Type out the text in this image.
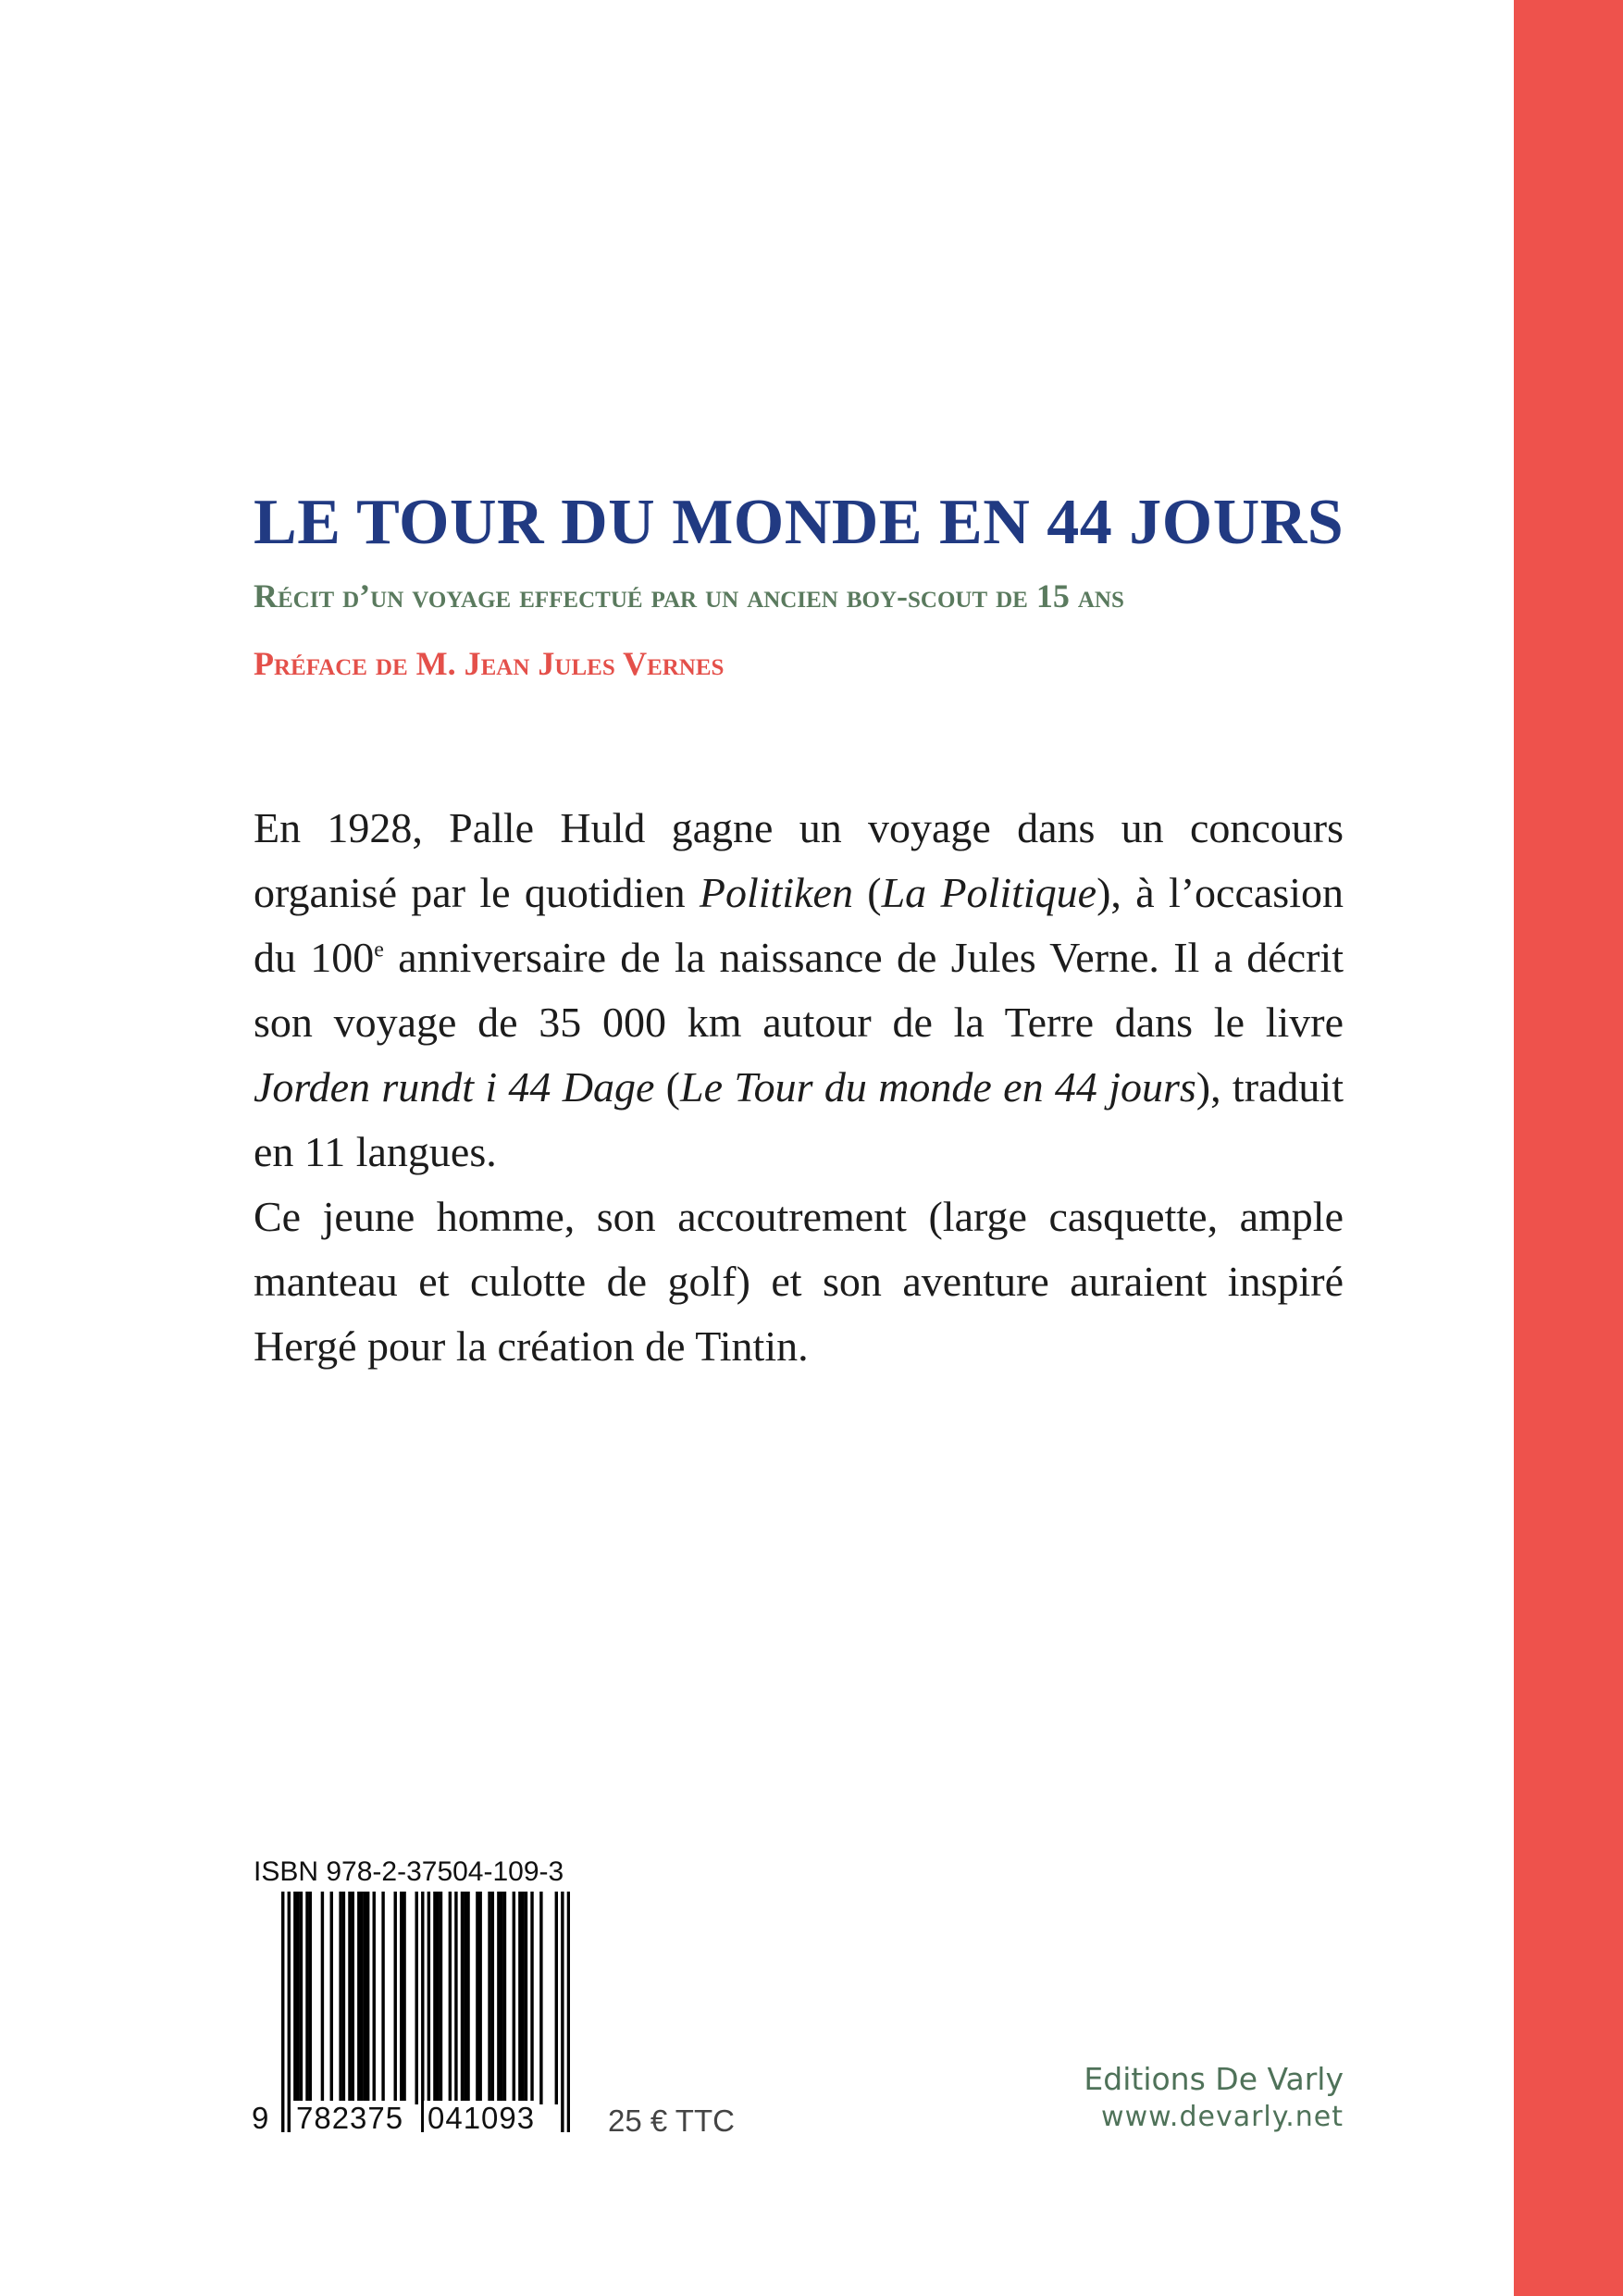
LE TOUR DU MONDE EN 44 JOURS
Récit d’un voyage effectué par un ancien boy-scout de 15 ans
Préface de M. Jean Jules Vernes

En 1928, Palle Huld gagne un voyage dans un concours organisé par le quotidien Politiken (La Politique), à l’occasion du 100e anniversaire de la naissance de Jules Verne. Il a décrit son voyage de 35 000 km autour de la Terre dans le livre Jorden rundt i 44 Dage (Le Tour du monde en 44 jours), traduit en 11 langues.

Ce jeune homme, son accoutrement (large casquette, ample manteau et culotte de golf) et son aventure auraient inspiré Hergé pour la création de Tintin.

ISBN 978-2-37504-109-3
9 782375 041093 25 € TTC
Editions De Varly
www.devarly.net
